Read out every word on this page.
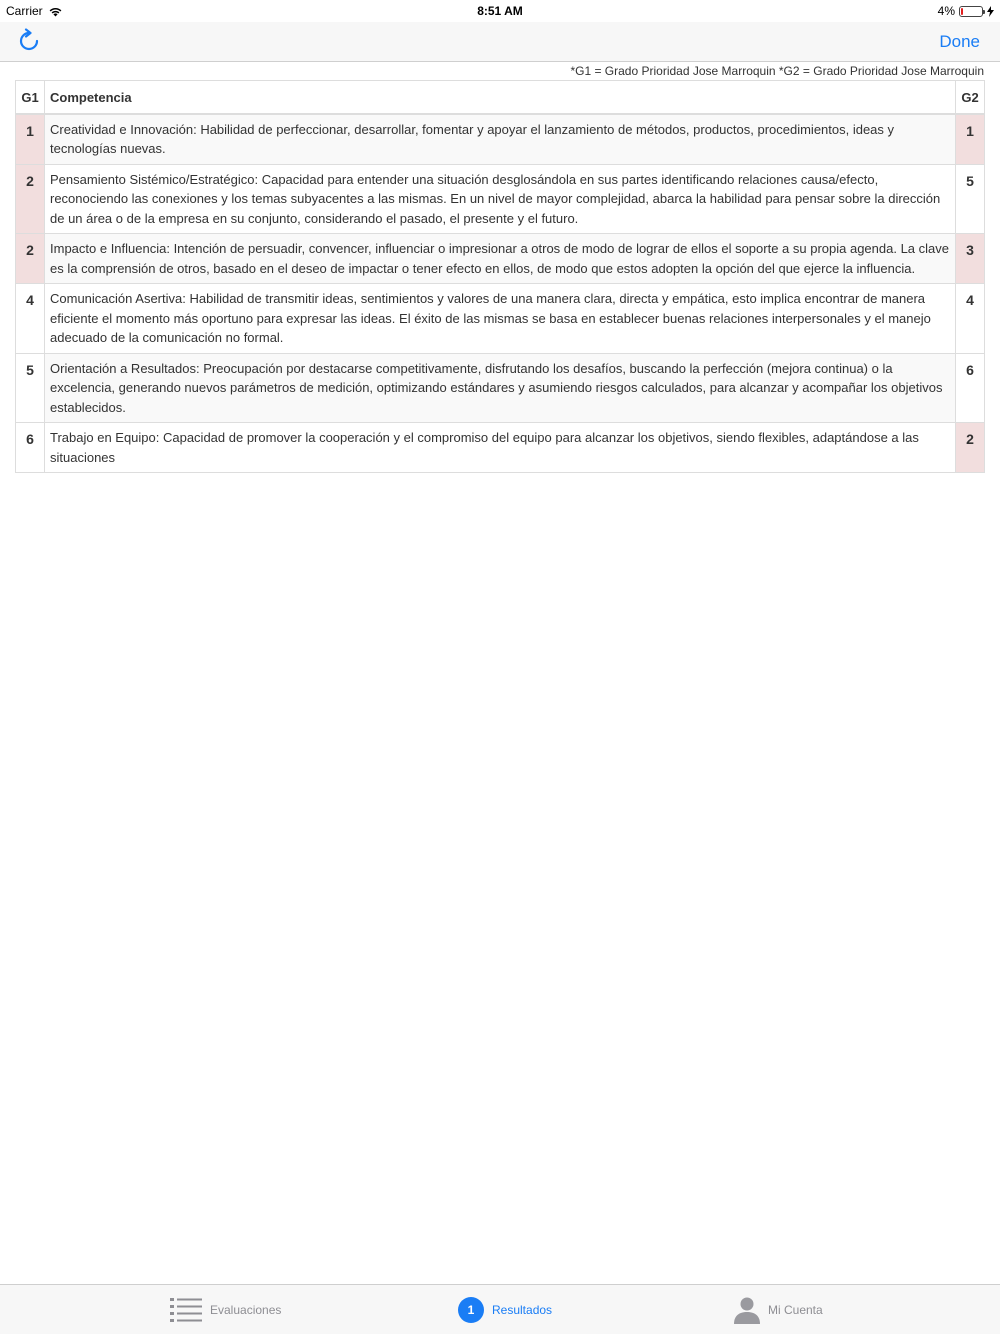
Carrier	8:51 AM	4%
Done
*G1 = Grado Prioridad Jose Marroquin *G2 = Grado Prioridad Jose Marroquin
G1	Competencia	G2
1	Creatividad e Innovación: Habilidad de perfeccionar, desarrollar, fomentar y apoyar el lanzamiento de métodos, productos, procedimientos, ideas y tecnologías nuevas.	1
2	Pensamiento Sistémico/Estratégico: Capacidad para entender una situación desglosándola en sus partes identificando relaciones causa/efecto, reconociendo las conexiones y los temas subyacentes a las mismas. En un nivel de mayor complejidad, abarca la habilidad para pensar sobre la dirección de un área o de la empresa en su conjunto, considerando el pasado, el presente y el futuro.	5
2	Impacto e Influencia: Intención de persuadir, convencer, influenciar o impresionar a otros de modo de lograr de ellos el soporte a su propia agenda. La clave es la comprensión de otros, basado en el deseo de impactar o tener efecto en ellos, de modo que estos adopten la opción del que ejerce la influencia.	3
4	Comunicación Asertiva: Habilidad de transmitir ideas, sentimientos y valores de una manera clara, directa y empática, esto implica encontrar de manera eficiente el momento más oportuno para expresar las ideas. El éxito de las mismas se basa en establecer buenas relaciones interpersonales y el manejo adecuado de la comunicación no formal.	4
5	Orientación a Resultados: Preocupación por destacarse competitivamente, disfrutando los desafíos, buscando la perfección (mejora continua) o la excelencia, generando nuevos parámetros de medición, optimizando estándares y asumiendo riesgos calculados, para alcanzar y acompañar los objetivos establecidos.	6
6	Trabajo en Equipo: Capacidad de promover la cooperación y el compromiso del equipo para alcanzar los objetivos, siendo flexibles, adaptándose a las situaciones	2
Evaluaciones	1	Resultados	Mi Cuenta
